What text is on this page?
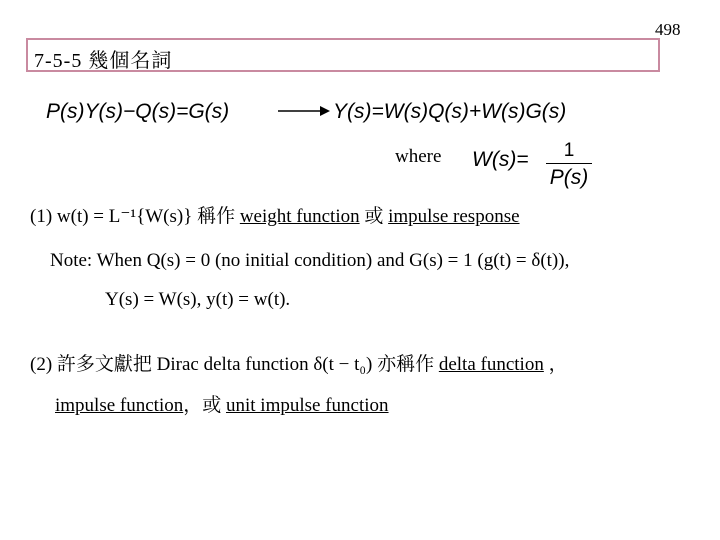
498
7-5-5 幾個名詞
P(s)Y(s)−Q(s)=G(s)	Y(s)=W(s)Q(s)+W(s)G(s)
where W(s)=	1
P(s)
(1) w(t) = L⁻¹{W(s)} 稱作 weight function 或 impulse response
Note: When Q(s) = 0 (no initial condition) and G(s) = 1 (g(t) = δ(t)),
Y(s) = W(s), y(t) = w(t).
(2) 許多文獻把 Dirac delta function δ(t − t₀) 亦稱作 delta function ，
impulse function，或 unit impulse function
